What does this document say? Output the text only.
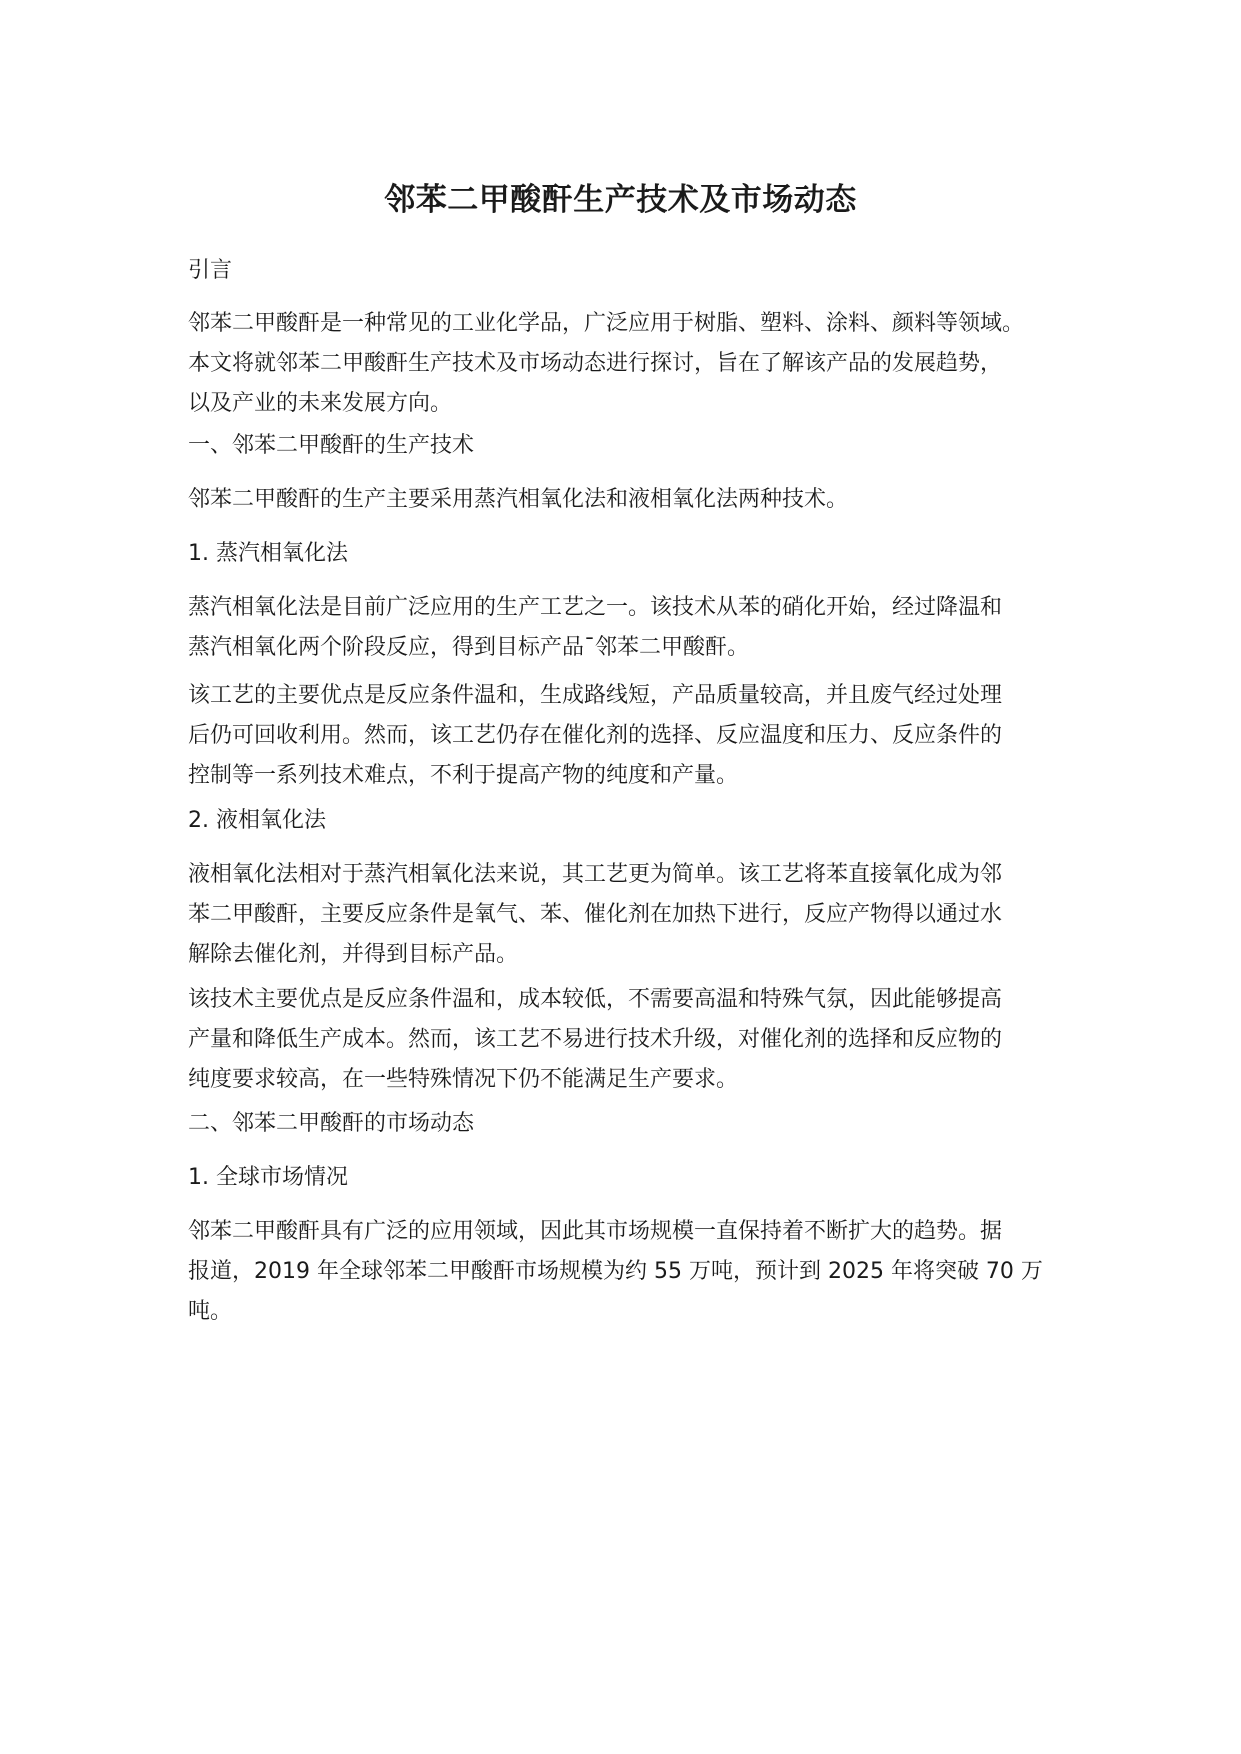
邻苯二甲酸酐生产技术及市场动态

引言

邻苯二甲酸酐是一种常见的工业化学品，广泛应用于树脂、塑料、涂料、颜料等领域。
本文将就邻苯二甲酸酐生产技术及市场动态进行探讨，旨在了解该产品的发展趋势，
以及产业的未来发展方向。

一、邻苯二甲酸酐的生产技术

邻苯二甲酸酐的生产主要采用蒸汽相氧化法和液相氧化法两种技术。

1. 蒸汽相氧化法

蒸汽相氧化法是目前广泛应用的生产工艺之一。该技术从苯的硝化开始，经过降温和
蒸汽相氧化两个阶段反应，得到目标产品¯邻苯二甲酸酐。

该工艺的主要优点是反应条件温和，生成路线短，产品质量较高，并且废气经过处理
后仍可回收利用。然而，该工艺仍存在催化剂的选择、反应温度和压力、反应条件的
控制等一系列技术难点，不利于提高产物的纯度和产量。

2. 液相氧化法

液相氧化法相对于蒸汽相氧化法来说，其工艺更为简单。该工艺将苯直接氧化成为邻
苯二甲酸酐，主要反应条件是氧气、苯、催化剂在加热下进行，反应产物得以通过水
解除去催化剂，并得到目标产品。

该技术主要优点是反应条件温和，成本较低，不需要高温和特殊气氛，因此能够提高
产量和降低生产成本。然而，该工艺不易进行技术升级，对催化剂的选择和反应物的
纯度要求较高，在一些特殊情况下仍不能满足生产要求。

二、邻苯二甲酸酐的市场动态

1. 全球市场情况

邻苯二甲酸酐具有广泛的应用领域，因此其市场规模一直保持着不断扩大的趋势。据
报道，2019 年全球邻苯二甲酸酐市场规模为约 55 万吨，预计到 2025 年将突破 70 万
吨。
